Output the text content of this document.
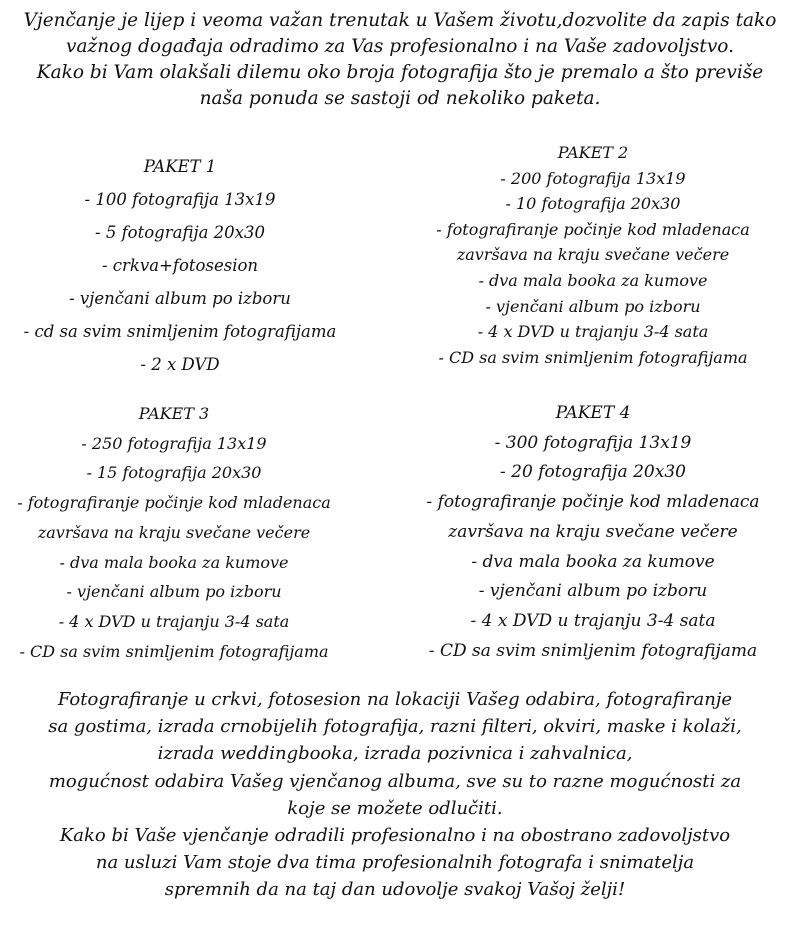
Vjenčanje je lijep i veoma važan trenutak u Vašem životu,dozvolite da zapis tako

važnog događaja odradimo za Vas profesionalno i na Vaše zadovoljstvo.

Kako bi Vam olakšali dilemu oko broja fotografija što je premalo a što previše

naša ponuda se sastoji od nekoliko paketa.

PAKET 1
- 100 fotografija 13x19
- 5 fotografija 20x30
- crkva+fotosesion
- vjenčani album po izboru
- cd sa svim snimljenim fotografijama
- 2 x DVD
PAKET 2
- 200 fotografija 13x19
- 10 fotografija 20x30
- fotografiranje počinje kod mladenaca
završava na kraju svečane večere
- dva mala booka za kumove
- vjenčani album po izboru
- 4 x DVD u trajanju 3-4 sata
- CD sa svim snimljenim fotografijama
PAKET 3
- 250 fotografija 13x19
- 15 fotografija 20x30
- fotografiranje počinje kod mladenaca
završava na kraju svečane večere
- dva mala booka za kumove
- vjenčani album po izboru
- 4 x DVD u trajanju 3-4 sata
- CD sa svim snimljenim fotografijama
PAKET 4
- 300 fotografija 13x19
- 20 fotografija 20x30
- fotografiranje počinje kod mladenaca
završava na kraju svečane večere
- dva mala booka za kumove
- vjenčani album po izboru
- 4 x DVD u trajanju 3-4 sata
- CD sa svim snimljenim fotografijama

Fotografiranje u crkvi, fotosesion na lokaciji Vašeg odabira, fotografiranje

sa gostima, izrada crnobijelih fotografija, razni filteri, okviri, maske i kolaži,

izrada weddingbooka, izrada pozivnica i zahvalnica,

mogućnost odabira Vašeg vjenčanog albuma, sve su to razne mogućnosti za

koje se možete odlučiti.

Kako bi Vaše vjenčanje odradili profesionalno i na obostrano zadovoljstvo

na usluzi Vam stoje dva tima profesionalnih fotografa i snimatelja

spremnih da na taj dan udovolje svakoj Vašoj želji!
